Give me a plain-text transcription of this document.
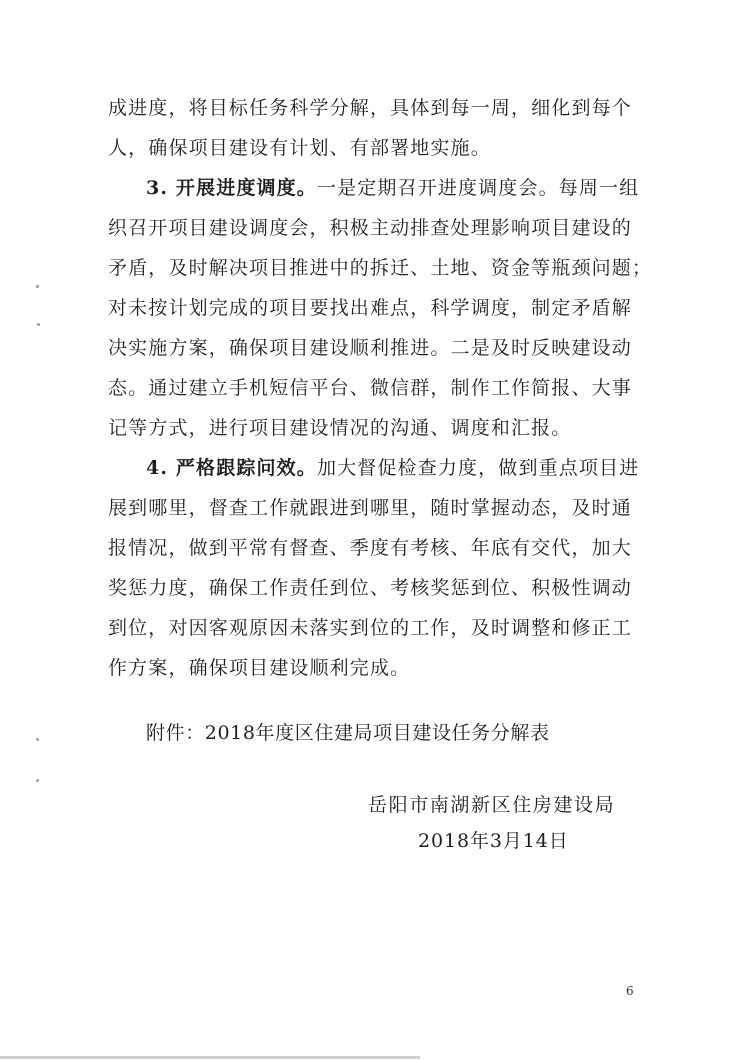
成进度，将目标任务科学分解，具体到每一周，细化到每个
人，确保项目建设有计划、有部署地实施。
3. 开展进度调度。一是定期召开进度调度会。每周一组
织召开项目建设调度会，积极主动排查处理影响项目建设的
矛盾，及时解决项目推进中的拆迁、土地、资金等瓶颈问题；
对未按计划完成的项目要找出难点，科学调度，制定矛盾解
决实施方案，确保项目建设顺利推进。二是及时反映建设动
态。通过建立手机短信平台、微信群，制作工作简报、大事
记等方式，进行项目建设情况的沟通、调度和汇报。
4. 严格跟踪问效。加大督促检查力度，做到重点项目进
展到哪里，督查工作就跟进到哪里，随时掌握动态，及时通
报情况，做到平常有督查、季度有考核、年底有交代，加大
奖惩力度，确保工作责任到位、考核奖惩到位、积极性调动
到位，对因客观原因未落实到位的工作，及时调整和修正工
作方案，确保项目建设顺利完成。
附件：2018年度区住建局项目建设任务分解表
岳阳市南湖新区住房建设局
2018年3月14日
6
